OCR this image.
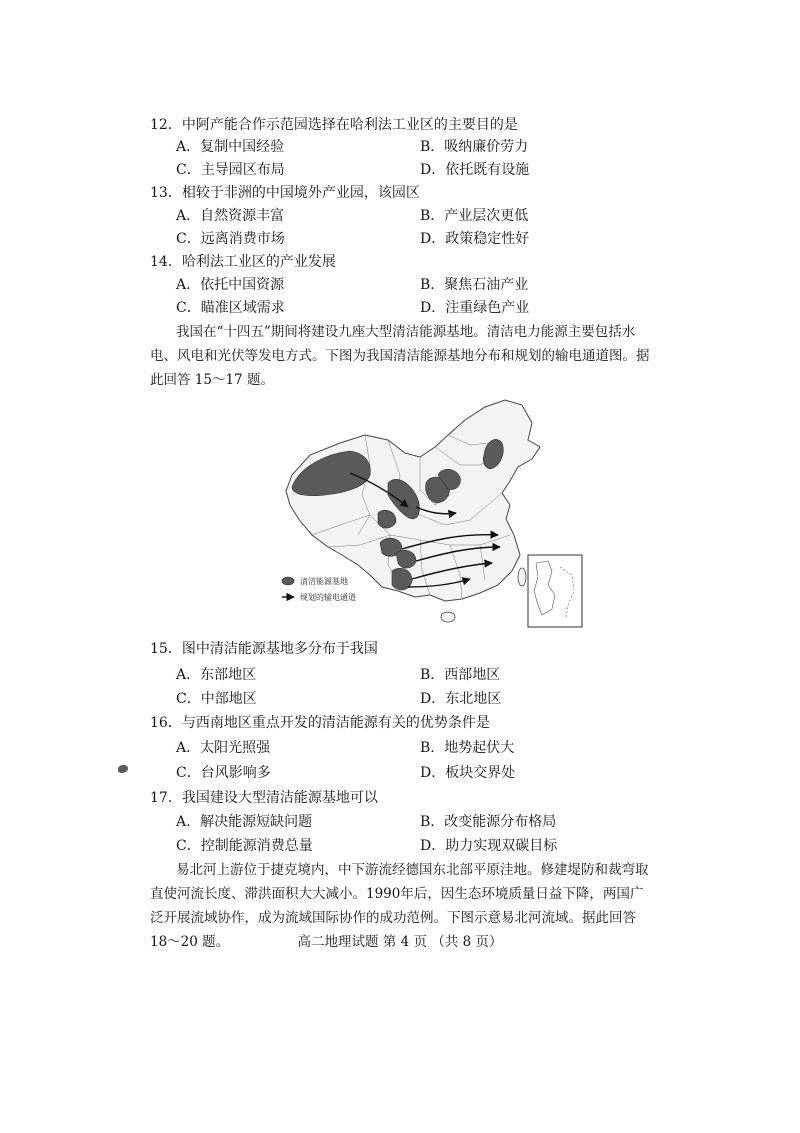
12．中阿产能合作示范园选择在哈利法工业区的主要目的是
A．复制中国经验	B．吸纳廉价劳力
C．主导园区布局	D．依托既有设施
13．相较于非洲的中国境外产业园，该园区
A．自然资源丰富	B．产业层次更低
C．远离消费市场	D．政策稳定性好
14．哈利法工业区的产业发展
A．依托中国资源	B．聚焦石油产业
C．瞄准区域需求	D．注重绿色产业
我国在“十四五”期间将建设九座大型清洁能源基地。清洁电力能源主要包括水电、风电和光伏等发电方式。下图为我国清洁能源基地分布和规划的输电通道图。据此回答 15～17 题。
清洁能源基地
规划的输电通道
15．图中清洁能源基地多分布于我国
A．东部地区	B．西部地区
C．中部地区	D．东北地区
16．与西南地区重点开发的清洁能源有关的优势条件是
A．太阳光照强	B．地势起伏大
C．台风影响多	D．板块交界处
17．我国建设大型清洁能源基地可以
A．解决能源短缺问题	B．改变能源分布格局
C．控制能源消费总量	D．助力实现双碳目标
易北河上游位于捷克境内，中下游流经德国东北部平原洼地。修建堤防和裁弯取直使河流长度、滞洪面积大大减小。1990年后，因生态环境质量日益下降，两国广泛开展流域协作，成为流域国际协作的成功范例。下图示意易北河流域。据此回答 18～20 题。	高二地理试题 第 4 页 （共 8 页）
